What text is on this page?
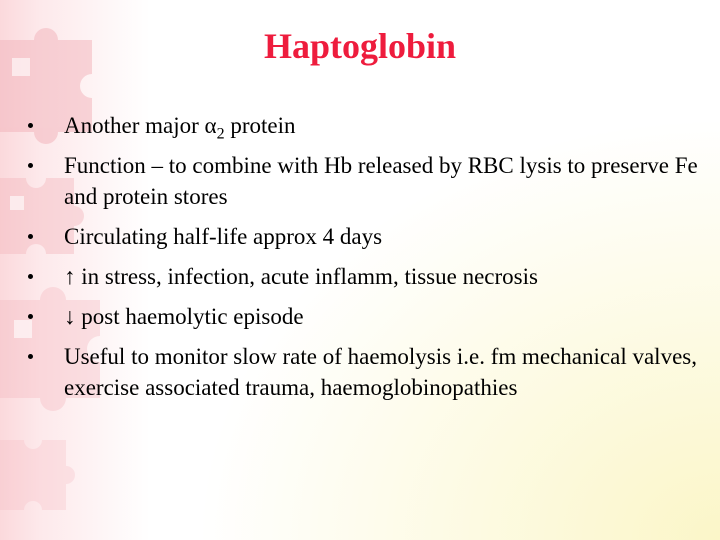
Haptoglobin
Another major $\alpha_2$ protein
Function – to combine with Hb released by RBC lysis to preserve Fe and protein stores
Circulating half-life approx 4 days
↑ in stress, infection, acute inflamm, tissue necrosis
↓ post haemolytic episode
Useful to monitor slow rate of haemolysis i.e. fm mechanical valves, exercise associated trauma, haemoglobinopathies
